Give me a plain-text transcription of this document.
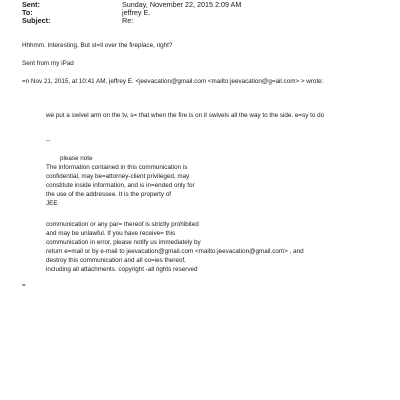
Sent:	Sunday, November 22, 2015 2:09 AM
To:	jeffrey E.
Subject:	Re:
Hhhmm. Interesting. But st=ll over the fireplace, right?
Sent from my iPad
=n Nov 21, 2015, at 10:41 AM, jeffrey E. <jeevacation@gmail.com <mailto:jeevacation@g=ail.com> > wrote:
we put a swivel arm on the tv, s= that when the fire is on it swivels all the way to the side. e=sy to do
--
please note
The information contained in this communication is
confidential, may be=attorney-client privileged, may
constitute inside information, and is in=ended only for
the use of the addressee. It is the property of
JEE
communication or any par= thereof is strictly prohibited
and may be unlawful. If you have receive= this
communication in error, please notify us immediately by
return e=mail or by e-mail to jeevacation@gmail.com <mailto:jeevacation@gmail.com> , and
destroy this communication and all co=ies thereof,
including all attachments. copyright -all rights reserved
=
